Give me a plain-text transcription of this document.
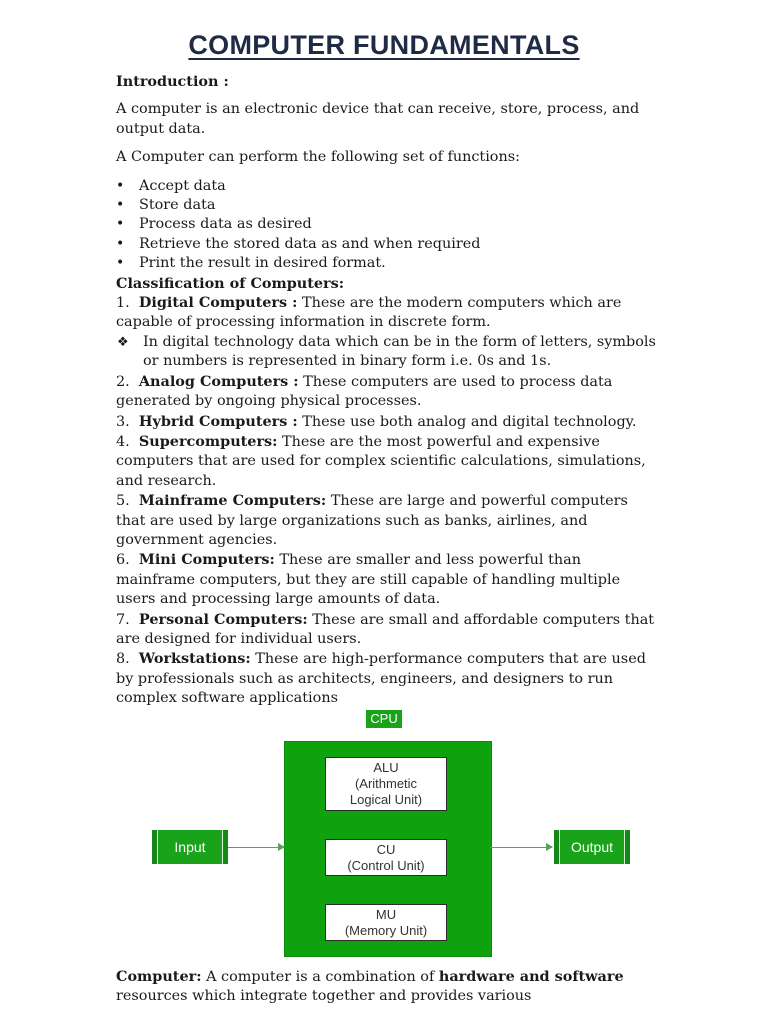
COMPUTER FUNDAMENTALS

Introduction :

A computer is an electronic device that can receive, store, process, and output data.

A Computer can perform the following set of functions:

• Accept data
• Store data
• Process data as desired
• Retrieve the stored data as and when required
• Print the result in desired format.

Classification of Computers:

1. Digital Computers : These are the modern computers which are capable of processing information in discrete form.

❖ In digital technology data which can be in the form of letters, symbols or numbers is represented in binary form i.e. 0s and 1s.

2. Analog Computers : These computers are used to process data generated by ongoing physical processes.

3. Hybrid Computers : These use both analog and digital technology.

4. Supercomputers: These are the most powerful and expensive computers that are used for complex scientific calculations, simulations, and research.

5. Mainframe Computers: These are large and powerful computers that are used by large organizations such as banks, airlines, and government agencies.

6. Mini Computers: These are smaller and less powerful than mainframe computers, but they are still capable of handling multiple users and processing large amounts of data.

7. Personal Computers: These are small and affordable computers that are designed for individual users.

8. Workstations: These are high-performance computers that are used by professionals such as architects, engineers, and designers to run complex software applications

CPU
ALU
(Arithmetic
Logical Unit)
CU
(Control Unit)
MU
(Memory Unit)
Input	Output

Computer: A computer is a combination of hardware and software resources which integrate together and provides various
